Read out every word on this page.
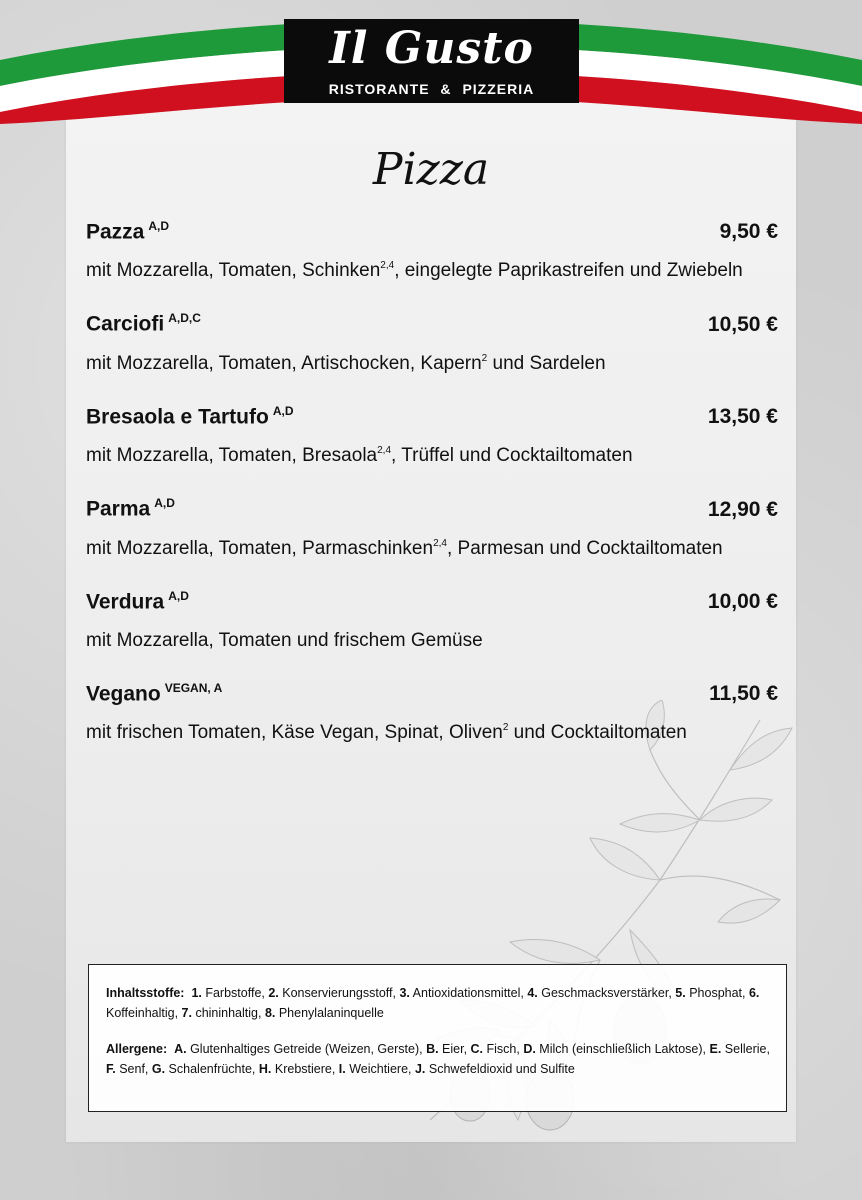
Il Gusto
RISTORANTE & PIZZERIA
Pizza
Pazza $^{A,D}$	9,50 €
mit Mozzarella, Tomaten, Schinken$^{2,4}$, eingelegte Paprikastreifen und Zwiebeln
Carciofi $^{A,D,C}$	10,50 €
mit Mozzarella, Tomaten, Artischocken, Kapern$^2$ und Sardelen
Bresaola e Tartufo $^{A,D}$	13,50 €
mit Mozzarella, Tomaten, Bresaola$^{2,4}$, Trüffel und Cocktailtomaten
Parma $^{A,D}$	12,90 €
mit Mozzarella, Tomaten, Parmaschinken$^{2,4}$, Parmesan und Cocktailtomaten
Verdura $^{A,D}$	10,00 €
mit Mozzarella, Tomaten und frischem Gemüse
Vegano $^{VEGAN, A}$	11,50 €
mit frischen Tomaten, Käse Vegan, Spinat, Oliven$^2$ und Cocktailtomaten

Inhaltsstoffe: 1. Farbstoffe, 2. Konservierungsstoff, 3. Antioxidationsmittel, 4. Geschmacksverstärker, 5. Phosphat, 6. Koffeinhaltig, 7. chininhaltig, 8. Phenylalaninquelle

Allergene: A. Glutenhaltiges Getreide (Weizen, Gerste), B. Eier, C. Fisch, D. Milch (einschließlich Laktose), E. Sellerie, F. Senf, G. Schalenfrüchte, H. Krebstiere, I. Weichtiere, J. Schwefeldioxid und Sulfite
